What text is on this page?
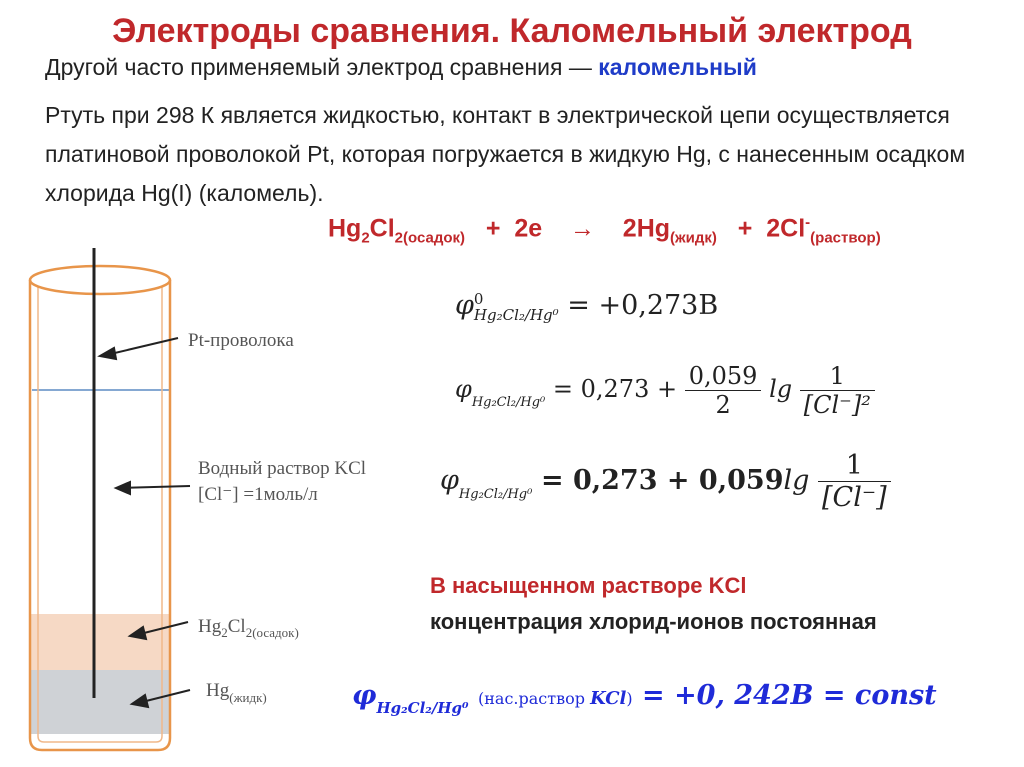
Электроды сравнения. Каломельный электрод
Другой часто применяемый электрод сравнения — каломельный
Ртуть при 298 К является жидкостью, контакт в электрической цепи осуществляется платиновой проволокой Pt, которая погружается в жидкую Hg, с нанесенным осадком хлорида Hg(I) (каломель).
$Hg_2Cl_{2(осадок)} + 2e \to 2Hg_{(жидк)} + 2Cl^-_{(раствор)}$
φ 0
Hg₂Cl₂/Hg⁰ = +0,273B
$\varphi_{Hg_2Cl_2/Hg^0} = 0,273 + \frac{0,059}{2}$ $\lg \frac{1}{\text{[Cl⁻]²}}$
$\varphi_{Hg_2Cl_2/Hg^0} = 0,273 + 0,059\lg \frac{1}{[Cl^-]}$
В насыщенном растворе KCl
концентрация хлорид-ионов постоянная
$\varphi_{Hg_2Cl_2/Hg^0}$ (нас.раствор KCl) = +0, 242B = const
Pt-проволока
Водный раствор KCl
[Cl⁻] =1моль/л
$Hg_2Cl_{2(осадок)}$
$Hg_{(жидк)}$
